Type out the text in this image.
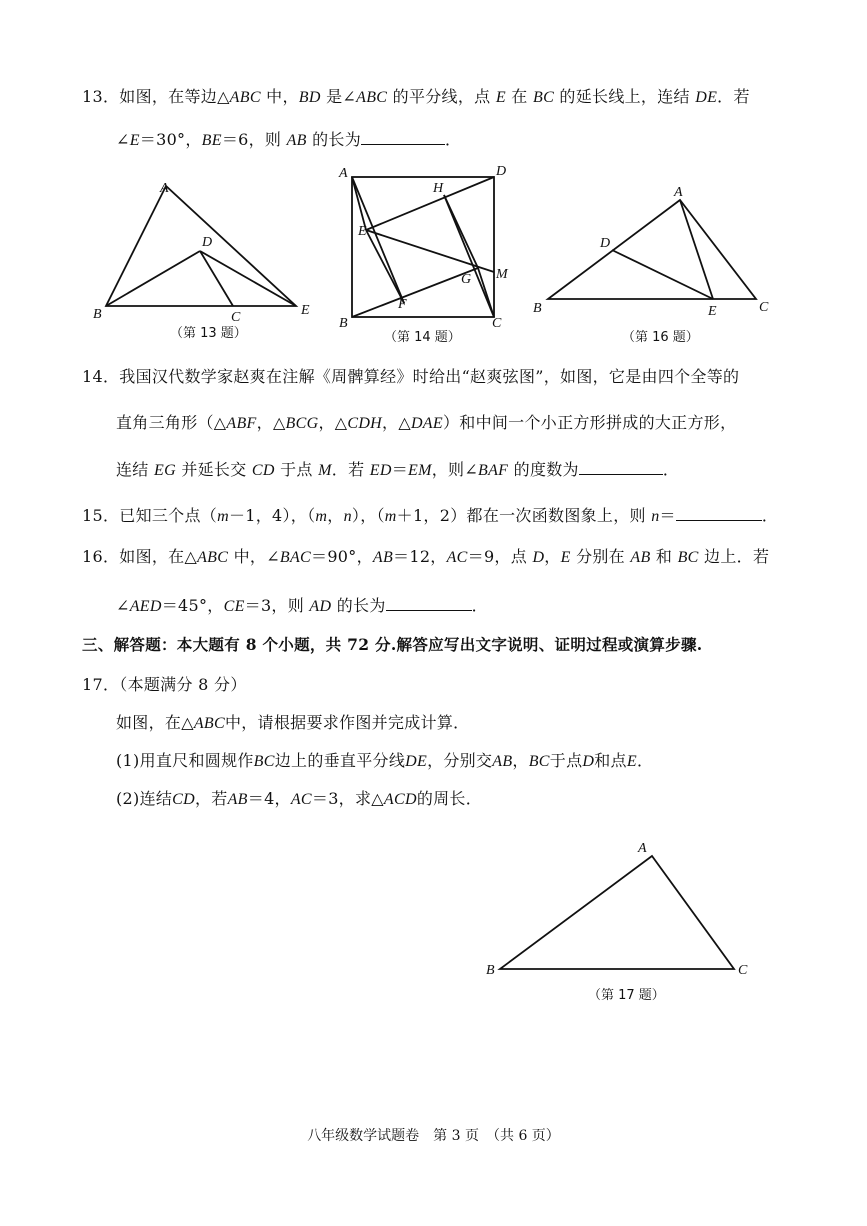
13．如图，在等边△ABC 中，BD 是∠ABC 的平分线，点 E 在 BC 的延长线上，连结 DE．若
∠E＝30°，BE＝6，则 AB 的长为	．
A
B	C
D
E
（第 13 题）
A
B	C
D
E
F
G
H
M
（第 14 题）
A
B	C
D
E
（第 16 题）
14．我国汉代数学家赵爽在注解《周髀算经》时给出“赵爽弦图”，如图，它是由四个全等的
直角三角形（△ABF，△BCG，△CDH，△DAE）和中间一个小正方形拼成的大正方形，
连结 EG 并延长交 CD 于点 M．若 ED＝EM，则∠BAF 的度数为	．
15．已知三个点（m－1，4），（m，n），（m＋1，2）都在一次函数图象上，则 n＝	．
16．如图，在△ABC 中，∠BAC＝90°，AB＝12，AC＝9，点 D，E 分别在 AB 和 BC 边上．若
∠AED＝45°，CE＝3，则 AD 的长为	．
三、解答题：本大题有 8 个小题，共 72 分.解答应写出文字说明、证明过程或演算步骤.
17．（本题满分 8 分）
如图，在△ABC中，请根据要求作图并完成计算．
(1)用直尺和圆规作BC边上的垂直平分线DE，分别交AB，BC于点D和点E．
(2)连结CD，若AB＝4，AC＝3，求△ACD的周长．
A
B	C
（第 17 题）
八年级数学试题卷　第 3 页　（共 6 页）
